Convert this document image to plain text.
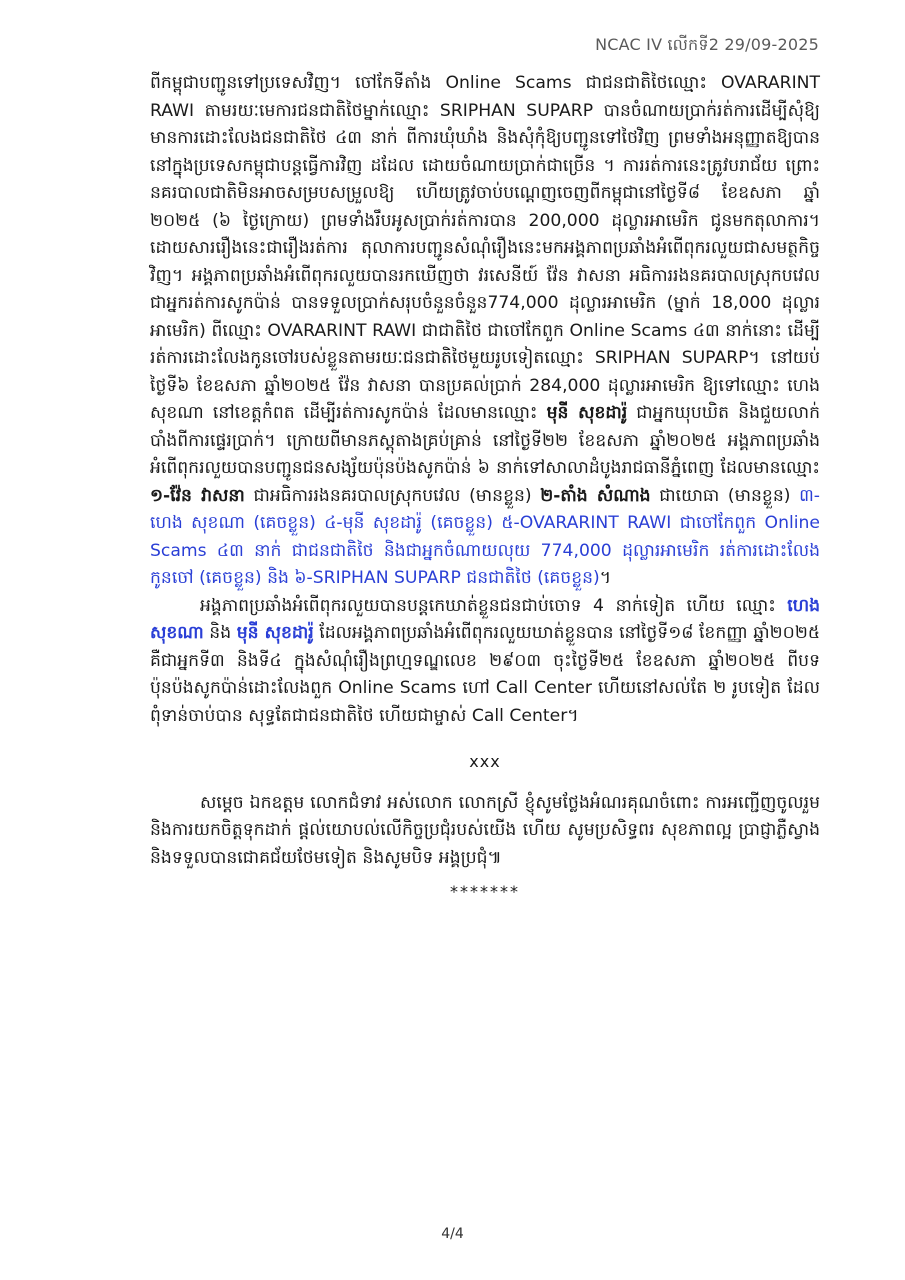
NCAC IV លើកទី2 29/09-2025

ពីកម្ពុជាបញ្ជូនទៅប្រទេសវិញ។ ចៅកែទីតាំង Online Scams ជាជនជាតិថៃឈ្មោះ OVARARINT RAWI តាមរយៈមេការជនជាតិថៃម្នាក់ឈ្មោះ SRIPHAN SUPARP បានចំណាយប្រាក់រត់ការដើម្បីសុំឱ្យមានការដោះលែងជនជាតិថៃ ៤៣ នាក់ ពីការឃុំឃាំង និងសុំកុំឱ្យបញ្ជូនទៅថៃវិញ ព្រមទាំងអនុញ្ញាតឱ្យបាននៅក្នុងប្រទេសកម្ពុជាបន្តធ្វើការវិញ ដដែល ដោយចំណាយប្រាក់ជាច្រើន ។ ការរត់ការនេះត្រូវបរាជ័យ ព្រោះនគរបាលជាតិមិនអាចសម្របសម្រួលឱ្យ ហើយត្រូវចាប់បណ្តេញចេញពីកម្ពុជានៅថ្ងៃទី៨ ខែឧសភា ឆ្នាំ ២០២៥ (៦ ថ្ងៃក្រោយ) ព្រមទាំងរឹបអូសប្រាក់រត់ការបាន 200,000 ដុល្លារអាមេរិក ជូនមកតុលាការ។ ដោយសាររឿងនេះជារឿងរត់ការ តុលាការបញ្ជូនសំណុំរឿងនេះមកអង្គភាពប្រឆាំងអំពើពុករលួយជាសមត្ថកិច្ចវិញ។ អង្គភាពប្រឆាំងអំពើពុករលួយបានរកឃើញថា វរសេនីយ៍ វ៉ែន វាសនា អធិការរងនគរបាលស្រុកបវេល ជាអ្នករត់ការសូកប៉ាន់ បានទទួលប្រាក់សរុបចំនួនចំនួន774,000 ដុល្លារអាមេរិក (ម្នាក់ 18,000 ដុល្លារអាមេរិក) ពីឈ្មោះ OVARARINT RAWI ជាជាតិថៃ ជាចៅកែពួក Online Scams ៤៣ នាក់នោះ ដើម្បីរត់ការដោះលែងកូនចៅរបស់ខ្លួនតាមរយៈជនជាតិថៃមួយរូបទៀតឈ្មោះ SRIPHAN SUPARP។ នៅយប់ថ្ងៃទី៦ ខែឧសភា ឆ្នាំ២០២៥ វ៉ែន វាសនា បានប្រគល់ប្រាក់ 284,000 ដុល្លារអាមេរិក ឱ្យទៅឈ្មោះ ហេង សុខណា នៅខេត្តកំពត ដើម្បីរត់ការសូកប៉ាន់ ដែលមានឈ្មោះ មុនី សុខដារ៉ូ ជាអ្នកឃុបឃិត និងជួយលាក់បាំងពីការផ្ទេរប្រាក់។ ក្រោយពីមានភស្តុតាងគ្រប់គ្រាន់ នៅថ្ងៃទី២២ ខែឧសភា ឆ្នាំ២០២៥ អង្គភាពប្រឆាំងអំពើពុករលួយបានបញ្ជូនជនសង្ស័យប៉ុនប៉ងសូកប៉ាន់ ៦ នាក់ទៅសាលាដំបូងរាជធានីភ្នំពេញ ដែលមានឈ្មោះ ១-វ៉ែន វាសនា ជាអធិការរងនគរបាលស្រុកបវេល (មានខ្លួន) ២-តាំង សំណាង ជាយោធា (មានខ្លួន) ៣-ហេង សុខណា (គេចខ្លួន) ៤-មុនី សុខដារ៉ូ (គេចខ្លួន) ៥-OVARARINT RAWI ជាចៅកែពួក Online Scams ៤៣ នាក់ ជាជនជាតិថៃ និងជាអ្នកចំណាយលុយ 774,000 ដុល្លារអាមេរិក រត់ការដោះលែងកូនចៅ (គេចខ្លួន) និង ៦-SRIPHAN SUPARP ជនជាតិថៃ (គេចខ្លួន)។

អង្គភាពប្រឆាំងអំពើពុករលួយបានបន្តកេឃាត់ខ្លួនជនជាប់ចោទ 4 នាក់ទៀត ហើយ ឈ្មោះ ហេង សុខណា និង មុនី សុខដារ៉ូ ដែលអង្គភាពប្រឆាំងអំពើពុករលួយឃាត់ខ្លួនបាន នៅថ្ងៃទី១៨ ខែកញ្ញា ឆ្នាំ២០២៥ គឺជាអ្នកទី៣ និងទី៤ ក្នុងសំណុំរឿងព្រហ្មទណ្ឌលេខ ២៩០៣ ចុះថ្ងៃទី២៥ ខែឧសភា ឆ្នាំ២០២៥ ពីបទប៉ុនប៉ងសូកប៉ាន់ដោះលែងពួក Online Scams ហៅ Call Center ហើយនៅសល់តែ ២ រូបទៀត ដែលពុំទាន់ចាប់បាន សុទ្ធតែជាជនជាតិថៃ ហើយជាម្ចាស់ Call Center។

xxx

សម្តេច ឯកឧត្តម លោកជំទាវ អស់លោក លោកស្រី ខ្ញុំសូមថ្លែងអំណរគុណចំពោះ ការអញ្ជើញចូលរួម និងការយកចិត្តទុកដាក់ ផ្តល់យោបល់លើកិច្ចប្រជុំរបស់យើង ហើយ សូមប្រសិទ្ធពរ សុខភាពល្អ ប្រាជ្ញាភ្លឺស្វាង និងទទួលបានជោគជ័យថែមទៀត និងសូមបិទ អង្គប្រជុំ៕

*******
4/4
